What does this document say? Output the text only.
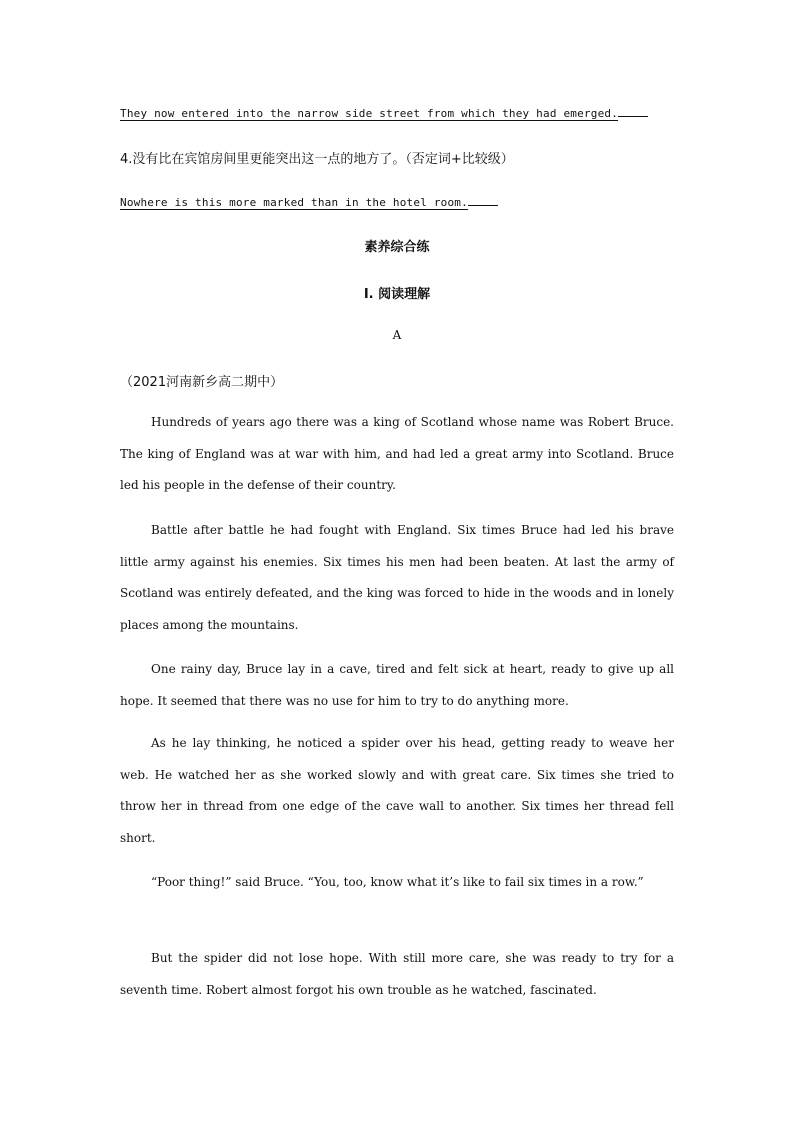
They now entered into the narrow side street from which they had emerged.
4.没有比在宾馆房间里更能突出这一点的地方了。（否定词+比较级）
Nowhere is this more marked than in the hotel room.
素养综合练
Ⅰ. 阅读理解
A
（2021河南新乡高二期中）

Hundreds of years ago there was a king of Scotland whose name was Robert Bruce. The king of England was at war with him, and had led a great army into Scotland. Bruce led his people in the defense of their country.

Battle after battle he had fought with England. Six times Bruce had led his brave little army against his enemies. Six times his men had been beaten. At last the army of Scotland was entirely defeated, and the king was forced to hide in the woods and in lonely places among the mountains.

One rainy day, Bruce lay in a cave, tired and felt sick at heart, ready to give up all hope. It seemed that there was no use for him to try to do anything more.

As he lay thinking, he noticed a spider over his head, getting ready to weave her web. He watched her as she worked slowly and with great care. Six times she tried to throw her in thread from one edge of the cave wall to another. Six times her thread fell short.

“Poor thing!” said Bruce. “You, too, know what it’s like to fail six times in a row.”

But the spider did not lose hope. With still more care, she was ready to try for a seventh time. Robert almost forgot his own trouble as he watched, fascinated.
